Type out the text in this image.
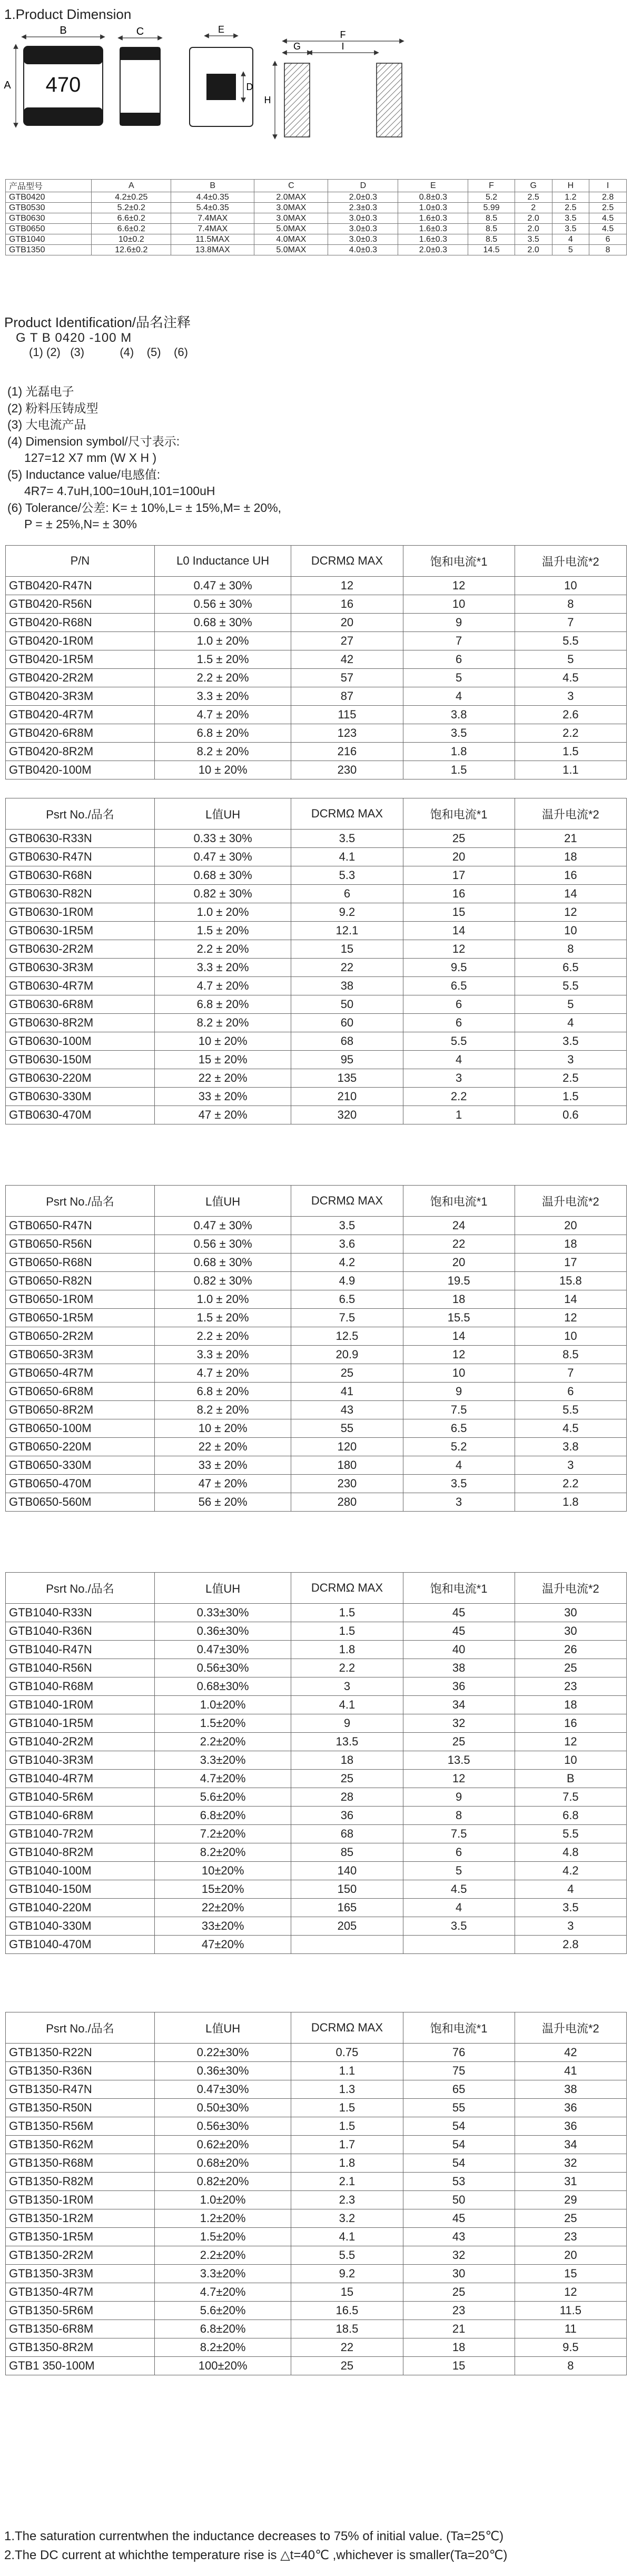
1.Product Dimension
470
B
A
C	E
D
F
G	I
H
产品型号	A	B	C	D	E	F	G	H	I
GTB0420	4.2±0.25	4.4±0.35	2.0MAX	2.0±0.3	0.8±0.3	5.2	2.5	1.2	2.8
GTB0530	5.2±0.2	5.4±0.35	3.0MAX	2.3±0.3	1.0±0.3	5.99	2	2.5	2.5
GTB0630	6.6±0.2	7.4MAX	3.0MAX	3.0±0.3	1.6±0.3	8.5	2.0	3.5	4.5
GTB0650	6.6±0.2	7.4MAX	5.0MAX	3.0±0.3	1.6±0.3	8.5	2.0	3.5	4.5
GTB1040	10±0.2	11.5MAX	4.0MAX	3.0±0.3	1.6±0.3	8.5	3.5	4	6
GTB1350	12.6±0.2	13.8MAX	5.0MAX	4.0±0.3	2.0±0.3	14.5	2.0	5	8
Product Identification/品名注释
G T B 0420 -100 M
(1) (2)   (3)           (4)    (5)    (6)
(1) 光磊电子
(2) 粉料压铸成型
(3) 大电流产品
(4) Dimension symbol/尺寸表示:
127=12 X7 mm (W X H )
(5) Inductance value/电感值:
4R7= 4.7uH,100=10uH,101=100uH
(6) Tolerance/公差: K= ± 10%,L= ± 15%,M= ± 20%,
P = ± 25%,N= ± 30%
P/N	L0 Inductance UH	DCRMΩ MAX	饱和电流*1	温升电流*2
GTB0420-R47N	0.47 ± 30%	12	12	10
GTB0420-R56N	0.56 ± 30%	16	10	8
GTB0420-R68N	0.68 ± 30%	20	9	7
GTB0420-1R0M	1.0 ± 20%	27	7	5.5
GTB0420-1R5M	1.5 ± 20%	42	6	5
GTB0420-2R2M	2.2 ± 20%	57	5	4.5
GTB0420-3R3M	3.3 ± 20%	87	4	3
GTB0420-4R7M	4.7 ± 20%	115	3.8	2.6
GTB0420-6R8M	6.8 ± 20%	123	3.5	2.2
GTB0420-8R2M	8.2 ± 20%	216	1.8	1.5
GTB0420-100M	10 ± 20%	230	1.5	1.1
Psrt No./品名	L值UH	DCRMΩ MAX	饱和电流*1	温升电流*2
GTB0630-R33N	0.33 ± 30%	3.5	25	21
GTB0630-R47N	0.47 ± 30%	4.1	20	18
GTB0630-R68N	0.68 ± 30%	5.3	17	16
GTB0630-R82N	0.82 ± 30%	6	16	14
GTB0630-1R0M	1.0 ± 20%	9.2	15	12
GTB0630-1R5M	1.5 ± 20%	12.1	14	10
GTB0630-2R2M	2.2 ± 20%	15	12	8
GTB0630-3R3M	3.3 ± 20%	22	9.5	6.5
GTB0630-4R7M	4.7 ± 20%	38	6.5	5.5
GTB0630-6R8M	6.8 ± 20%	50	6	5
GTB0630-8R2M	8.2 ± 20%	60	6	4
GTB0630-100M	10 ± 20%	68	5.5	3.5
GTB0630-150M	15 ± 20%	95	4	3
GTB0630-220M	22 ± 20%	135	3	2.5
GTB0630-330M	33 ± 20%	210	2.2	1.5
GTB0630-470M	47 ± 20%	320	1	0.6
Psrt No./品名	L值UH	DCRMΩ MAX	饱和电流*1	温升电流*2
GTB0650-R47N	0.47 ± 30%	3.5	24	20
GTB0650-R56N	0.56 ± 30%	3.6	22	18
GTB0650-R68N	0.68 ± 30%	4.2	20	17
GTB0650-R82N	0.82 ± 30%	4.9	19.5	15.8
GTB0650-1R0M	1.0 ± 20%	6.5	18	14
GTB0650-1R5M	1.5 ± 20%	7.5	15.5	12
GTB0650-2R2M	2.2 ± 20%	12.5	14	10
GTB0650-3R3M	3.3 ± 20%	20.9	12	8.5
GTB0650-4R7M	4.7 ± 20%	25	10	7
GTB0650-6R8M	6.8 ± 20%	41	9	6
GTB0650-8R2M	8.2 ± 20%	43	7.5	5.5
GTB0650-100M	10 ± 20%	55	6.5	4.5
GTB0650-220M	22 ± 20%	120	5.2	3.8
GTB0650-330M	33 ± 20%	180	4	3
GTB0650-470M	47 ± 20%	230	3.5	2.2
GTB0650-560M	56 ± 20%	280	3	1.8
Psrt No./品名	L值UH	DCRMΩ MAX	饱和电流*1	温升电流*2
GTB1040-R33N	0.33±30%	1.5	45	30
GTB1040-R36N	0.36±30%	1.5	45	30
GTB1040-R47N	0.47±30%	1.8	40	26
GTB1040-R56N	0.56±30%	2.2	38	25
GTB1040-R68M	0.68±30%	3	36	23
GTB1040-1R0M	1.0±20%	4.1	34	18
GTB1040-1R5M	1.5±20%	9	32	16
GTB1040-2R2M	2.2±20%	13.5	25	12
GTB1040-3R3M	3.3±20%	18	13.5	10
GTB1040-4R7M	4.7±20%	25	12	B
GTB1040-5R6M	5.6±20%	28	9	7.5
GTB1040-6R8M	6.8±20%	36	8	6.8
GTB1040-7R2M	7.2±20%	68	7.5	5.5
GTB1040-8R2M	8.2±20%	85	6	4.8
GTB1040-100M	10±20%	140	5	4.2
GTB1040-150M	15±20%	150	4.5	4
GTB1040-220M	22±20%	165	4	3.5
GTB1040-330M	33±20%	205	3.5	3
GTB1040-470M	47±20%			2.8
Psrt No./品名	L值UH	DCRMΩ MAX	饱和电流*1	温升电流*2
GTB1350-R22N	0.22±30%	0.75	76	42
GTB1350-R36N	0.36±30%	1.1	75	41
GTB1350-R47N	0.47±30%	1.3	65	38
GTB1350-R50N	0.50±30%	1.5	55	36
GTB1350-R56M	0.56±30%	1.5	54	36
GTB1350-R62M	0.62±20%	1.7	54	34
GTB1350-R68M	0.68±20%	1.8	54	32
GTB1350-R82M	0.82±20%	2.1	53	31
GTB1350-1R0M	1.0±20%	2.3	50	29
GTB1350-1R2M	1.2±20%	3.2	45	25
GTB1350-1R5M	1.5±20%	4.1	43	23
GTB1350-2R2M	2.2±20%	5.5	32	20
GTB1350-3R3M	3.3±20%	9.2	30	15
GTB1350-4R7M	4.7±20%	15	25	12
GTB1350-5R6M	5.6±20%	16.5	23	11.5
GTB1350-6R8M	6.8±20%	18.5	21	11
GTB1350-8R2M	8.2±20%	22	18	9.5
GTB1 350-100M	100±20%	25	15	8
1.The saturation currentwhen the inductance decreases to 75% of initial value. (Ta=25℃)
2.The DC current at whichthe temperature rise is △t=40℃ ,whichever is smaller(Ta=20℃)
